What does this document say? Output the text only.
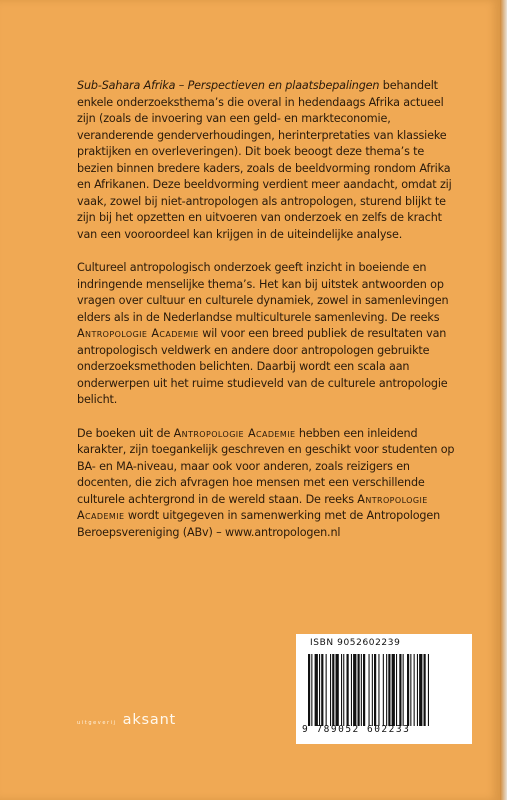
Sub-Sahara Afrika – Perspectieven en plaatsbepalingen behandelt enkele onderzoeksthema’s die overal in hedendaags Afrika actueel zijn (zoals de invoering van een geld- en markteconomie, veranderende genderverhoudingen, herinterpretaties van klassieke praktijken en overleveringen). Dit boek beoogt deze thema’s te bezien binnen bredere kaders, zoals de beeldvorming rondom Afrika en Afrikanen. Deze beeldvorming verdient meer aandacht, omdat zij vaak, zowel bij niet-antropologen als antropologen, sturend blijkt te zijn bij het opzetten en uitvoeren van onderzoek en zelfs de kracht van een vooroordeel kan krijgen in de uiteindelijke analyse.

Cultureel antropologisch onderzoek geeft inzicht in boeiende en indringende menselijke thema’s. Het kan bij uitstek antwoorden op vragen over cultuur en culturele dynamiek, zowel in samenlevingen elders als in de Nederlandse multiculturele samenleving. De reeks Antropologie Academie wil voor een breed publiek de resultaten van antropologisch veldwerk en andere door antropologen gebruikte onderzoeksmethoden belichten. Daarbij wordt een scala aan onderwerpen uit het ruime studieveld van de culturele antropologie belicht.

De boeken uit de Antropologie Academie hebben een inleidend karakter, zijn toegankelijk geschreven en geschikt voor studenten op BA- en MA-niveau, maar ook voor anderen, zoals reizigers en docenten, die zich afvragen hoe mensen met een verschillende culturele achtergrond in de wereld staan. De reeks Antropologie Academie wordt uitgegeven in samenwerking met de Antropologen Beroepsvereniging (ABv) – www.antropologen.nl

ISBN 9052602239
9 789052 602233
uitgeverij aksant
